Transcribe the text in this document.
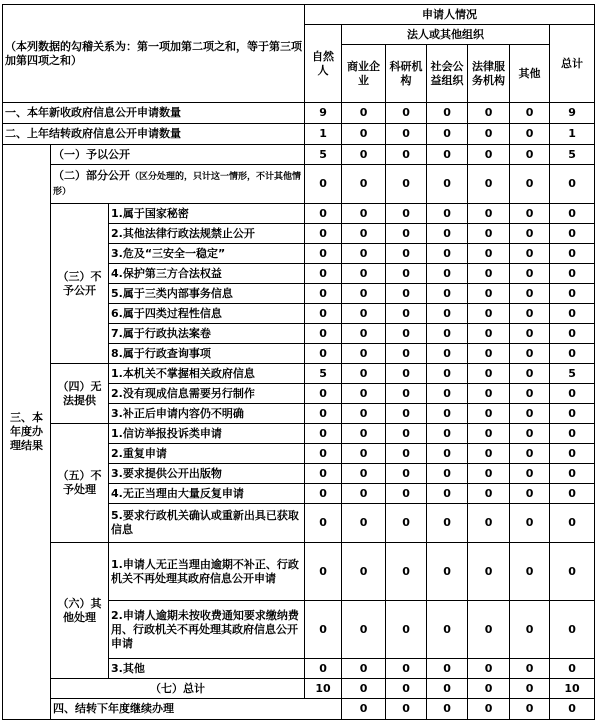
（本列数据的勾稽关系为：第一项加第二项之和，等于第三项加第四项之和）			申请人情况							
			自然人	法人或其他组织					总计	
				商业企业	科研机构	社会公益组织	法律服务机构	其他		

一、本年新收政府信息公开申请数量			9	0	0	0	0	0	9	
二、上年结转政府信息公开申请数量			1	0	0	0	0	0	1	
三、本年度办理结果	（一）予以公开		5	0	0	0	0	0	5	
	（二）部分公开（区分处理的，只计这一情形，不计其他情形）		0	0	0	0	0	0	0	
	（三）不予公开	1.属于国家秘密	0	0	0	0	0	0	0	
		2.其他法律行政法规禁止公开	0	0	0	0	0	0	0	
		3.危及“三安全一稳定”	0	0	0	0	0	0	0	
		4.保护第三方合法权益	0	0	0	0	0	0	0	
		5.属于三类内部事务信息	0	0	0	0	0	0	0	
		6.属于四类过程性信息	0	0	0	0	0	0	0	
		7.属于行政执法案卷	0	0	0	0	0	0	0	
		8.属于行政查询事项	0	0	0	0	0	0	0	
	（四）无法提供	1.本机关不掌握相关政府信息	5	0	0	0	0	0	5	
		2.没有现成信息需要另行制作	0	0	0	0	0	0	0	
		3.补正后申请内容仍不明确	0	0	0	0	0	0	0	
	（五）不予处理	1.信访举报投诉类申请	0	0	0	0	0	0	0	
		2.重复申请	0	0	0	0	0	0	0	
		3.要求提供公开出版物	0	0	0	0	0	0	0	
		4.无正当理由大量反复申请	0	0	0	0	0	0	0	
		5.要求行政机关确认或重新出具已获取信息	0	0	0	0	0	0	0	
	（六）其他处理	1.申请人无正当理由逾期不补正、行政机关不再处理其政府信息公开申请	0	0	0	0	0	0	0	
		2.申请人逾期未按收费通知要求缴纳费用、行政机关不再处理其政府信息公开申请	0	0	0	0	0	0	0	
		3.其他	0	0	0	0	0	0	0	
	（七）总计		10	0	0	0	0	0	10	
	四、结转下年度继续办理			0	0	0	0	0	0	
